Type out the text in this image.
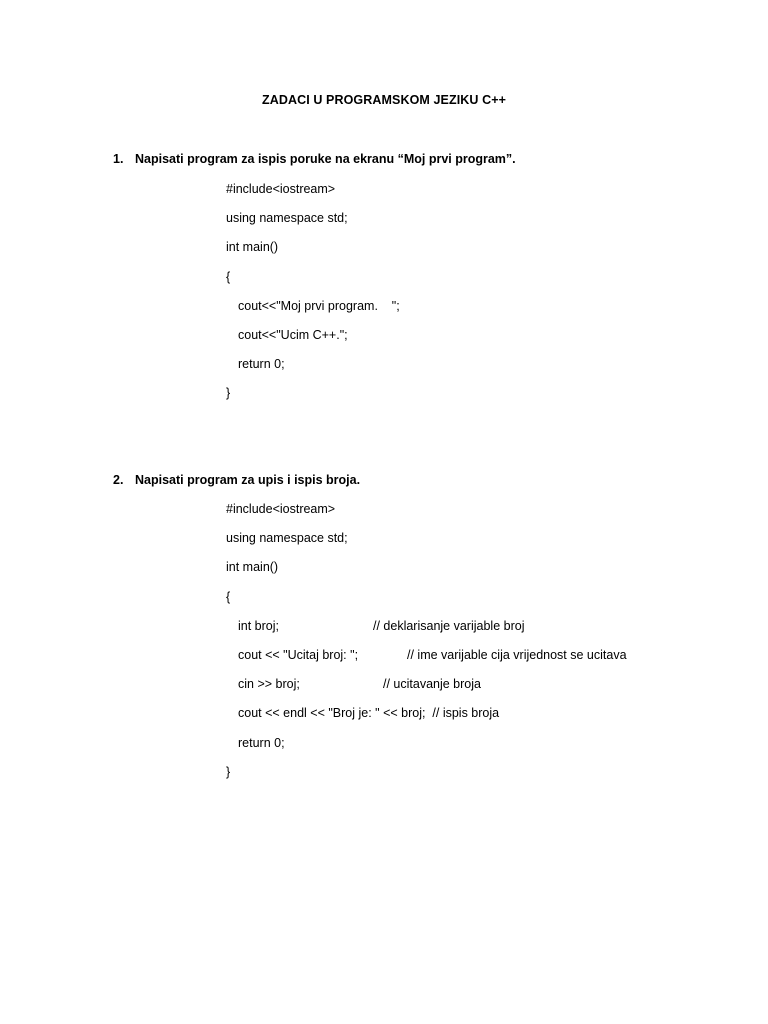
ZADACI U PROGRAMSKOM JEZIKU C++
1. Napisati program za ispis poruke na ekranu “Moj prvi program”.
#include<iostream>
using namespace std;
int main()
{
cout<<"Moj prvi program.    ";
cout<<"Ucim C++.";
return 0;
}
2. Napisati program za upis i ispis broja.
#include<iostream>
using namespace std;
int main()
{
int broj;	// deklarisanje varijable broj
cout << "Ucitaj broj: ";	// ime varijable cija vrijednost se ucitava
cin >> broj;	// ucitavanje broja
cout << endl << "Broj je: " << broj;  // ispis broja
return 0;
}
